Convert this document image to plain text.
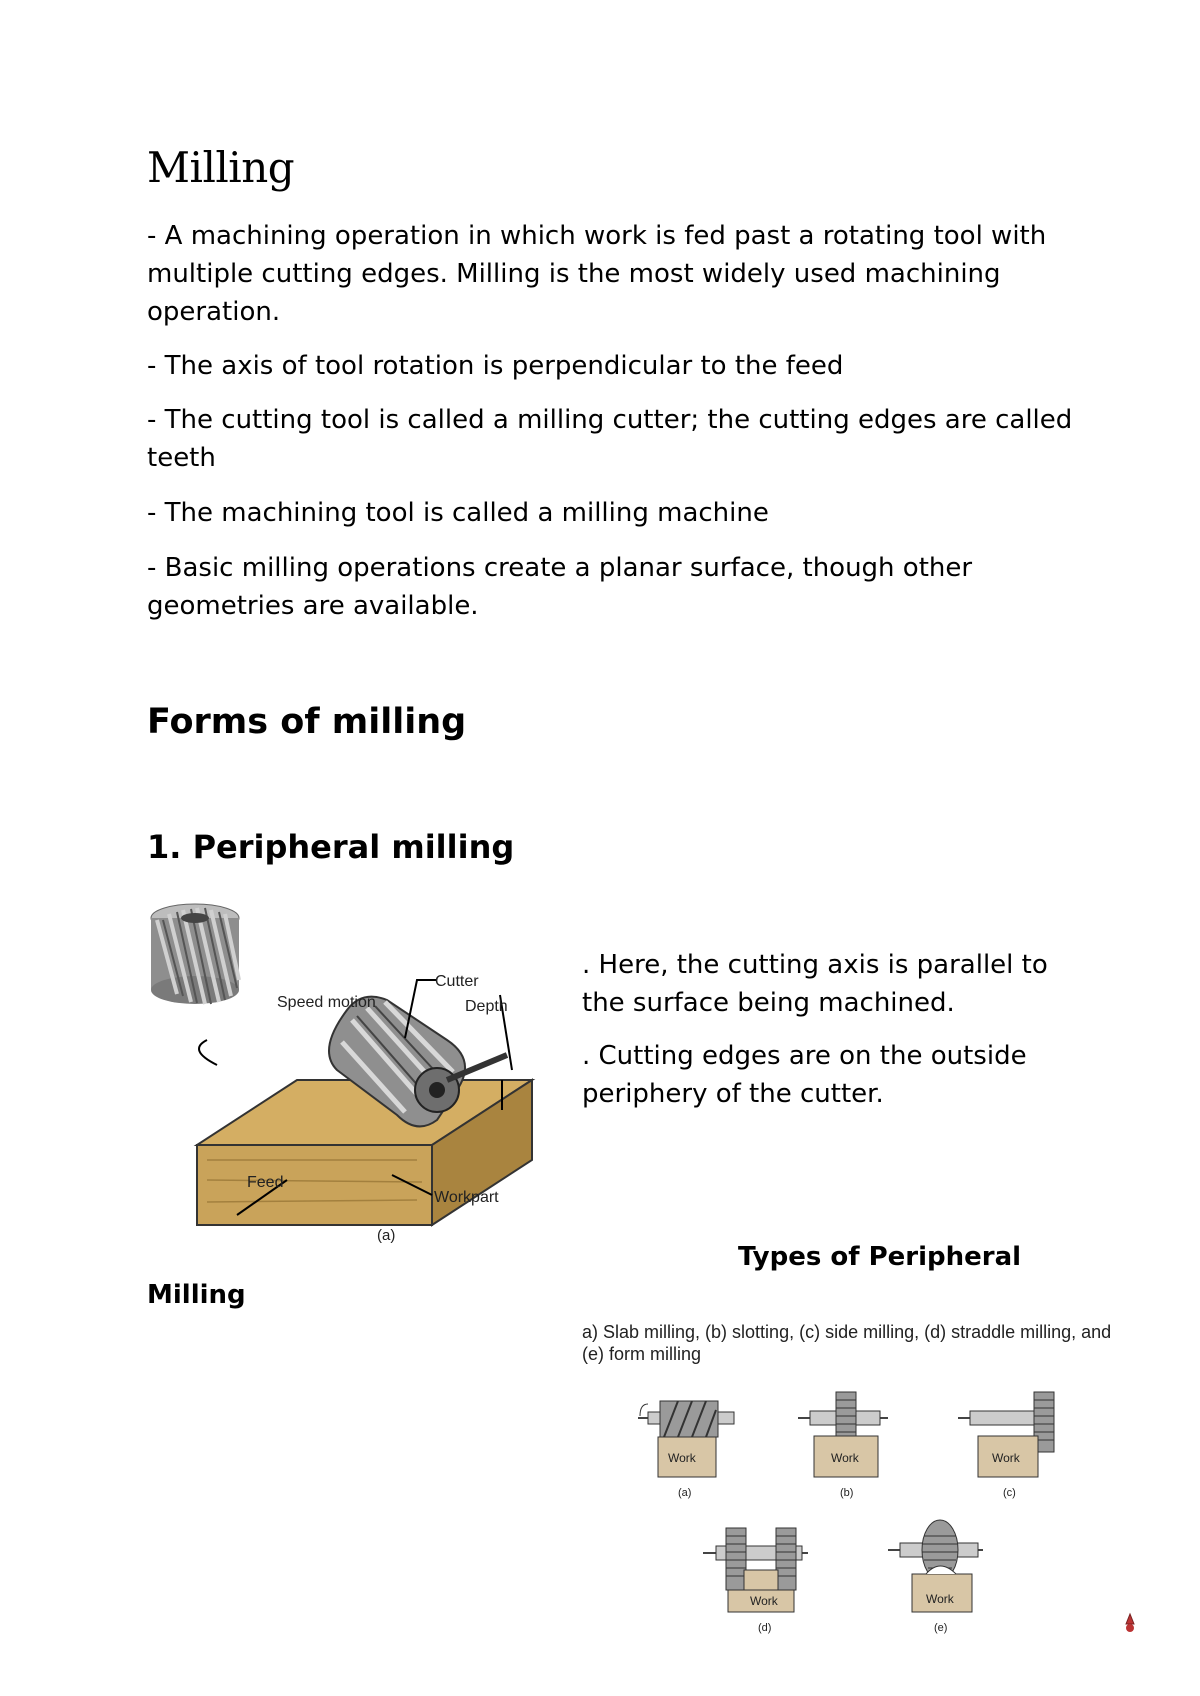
Milling

- A machining operation in which work is fed past a rotating tool with multiple cutting edges. Milling is the most widely used machining operation.

- The axis of tool rotation is perpendicular to the feed

- The cutting tool is called a milling cutter; the cutting edges are called teeth

- The machining tool is called a milling machine

- Basic milling operations create a planar surface, though other geometries are available.

Forms of milling
1. Peripheral milling
Cutter
Speed motion	Depth
Feed
Workpart
(a)

. Here, the cutting axis is parallel to the surface being machined.

. Cutting edges are on the outside periphery of the cutter.

Types of Peripheral

Milling

a) Slab milling, (b) slotting, (c) side milling, (d) straddle milling, and
(e) form milling
Work
(a)
Work
(b)
Work
(c)
Work
(d)
Work
(e)
